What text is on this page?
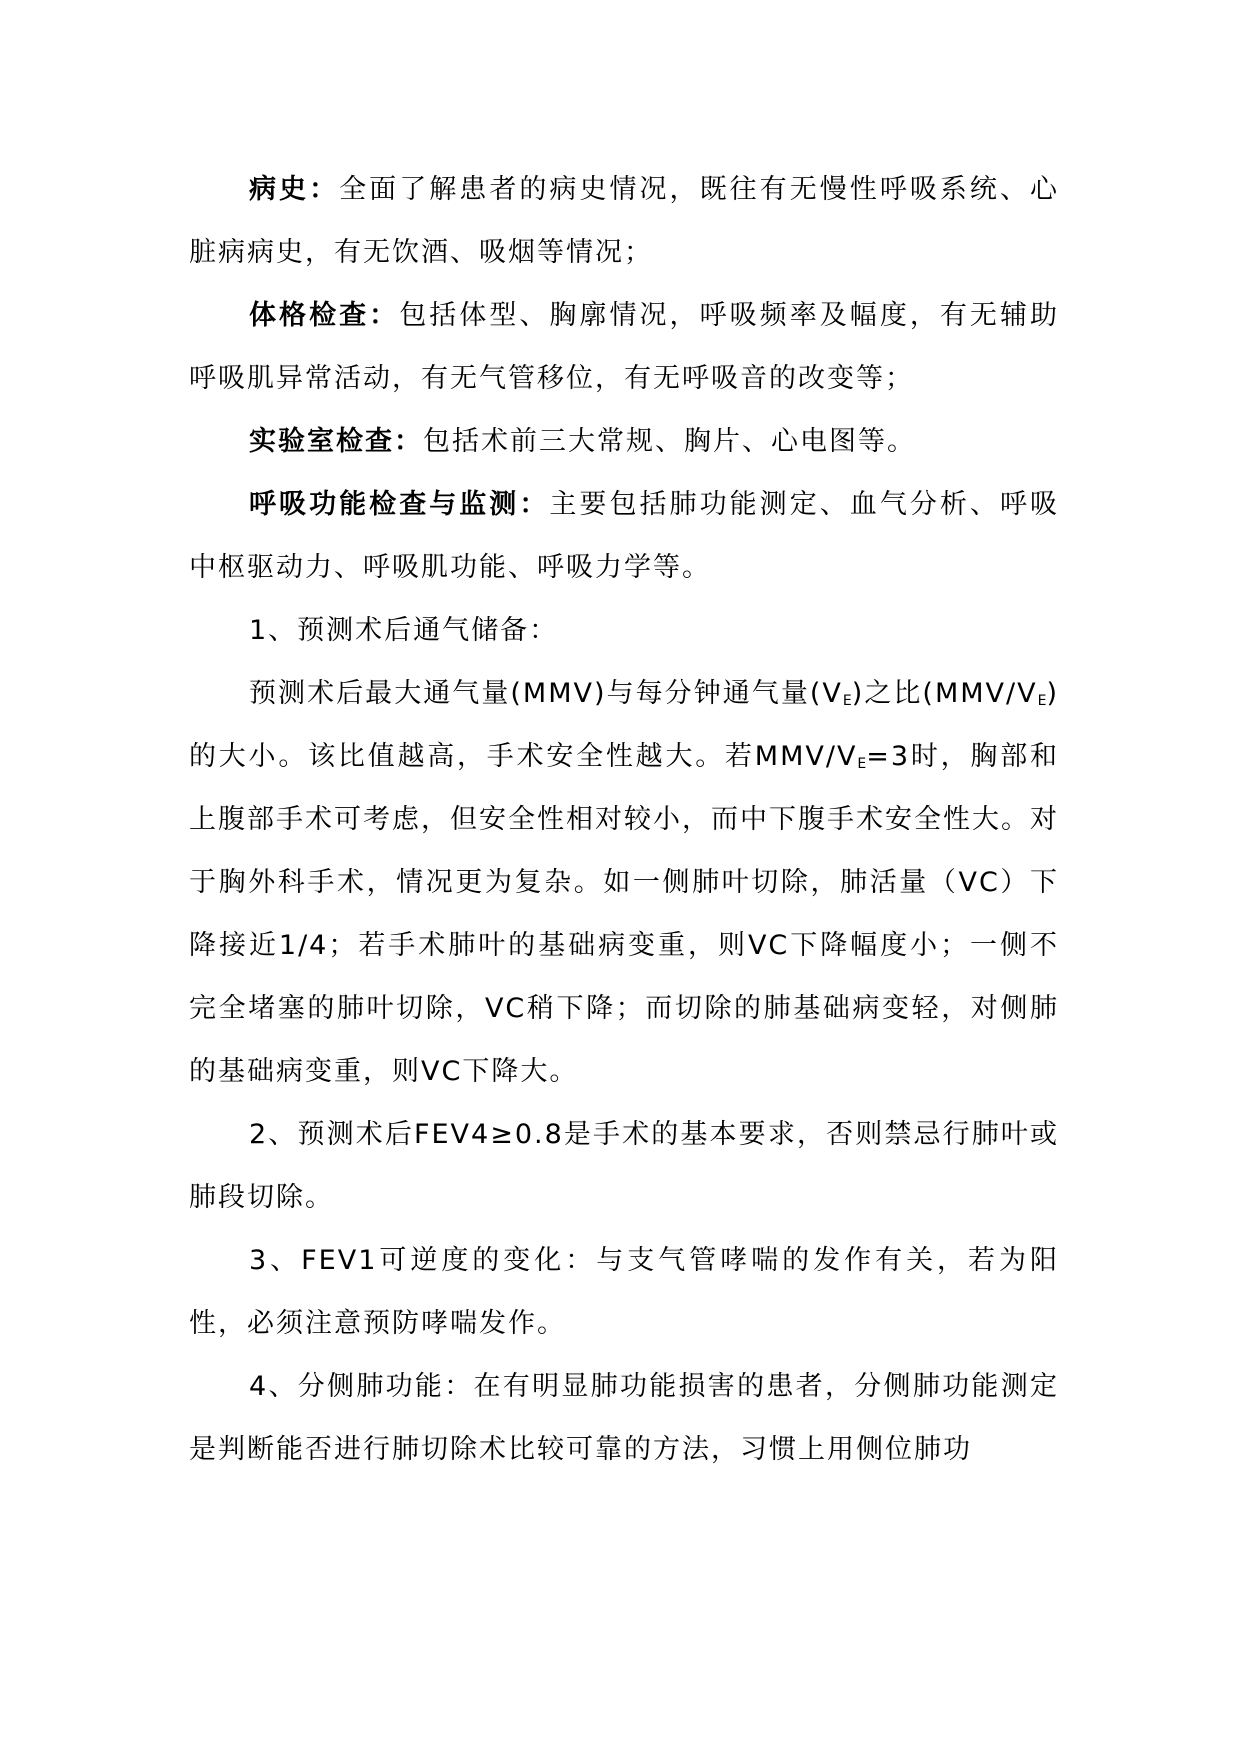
病史：全面了解患者的病史情况，既往有无慢性呼吸系统、心脏病病史，有无饮酒、吸烟等情况；

体格检查：包括体型、胸廓情况，呼吸频率及幅度，有无辅助呼吸肌异常活动，有无气管移位，有无呼吸音的改变等；

实验室检查：包括术前三大常规、胸片、心电图等。

呼吸功能检查与监测：主要包括肺功能测定、血气分析、呼吸中枢驱动力、呼吸肌功能、呼吸力学等。

1、预测术后通气储备：

预测术后最大通气量(MMV)与每分钟通气量$(V_E)$之比$(MMV/V_E)$的大小。该比值越高，手术安全性越大。若MMV/$V_E=3$时，胸部和上腹部手术可考虑，但安全性相对较小，而中下腹手术安全性大。对于胸外科手术，情况更为复杂。如一侧肺叶切除，肺活量（VC）下降接近1/4；若手术肺叶的基础病变重，则VC下降幅度小；一侧不完全堵塞的肺叶切除，VC稍下降；而切除的肺基础病变轻，对侧肺的基础病变重，则VC下降大。

2、预测术后FEV4≥0.8是手术的基本要求，否则禁忌行肺叶或肺段切除。

3、FEV1可逆度的变化：与支气管哮喘的发作有关，若为阳性，必须注意预防哮喘发作。

4、分侧肺功能：在有明显肺功能损害的患者，分侧肺功能测定是判断能否进行肺切除术比较可靠的方法，习惯上用侧位肺功
